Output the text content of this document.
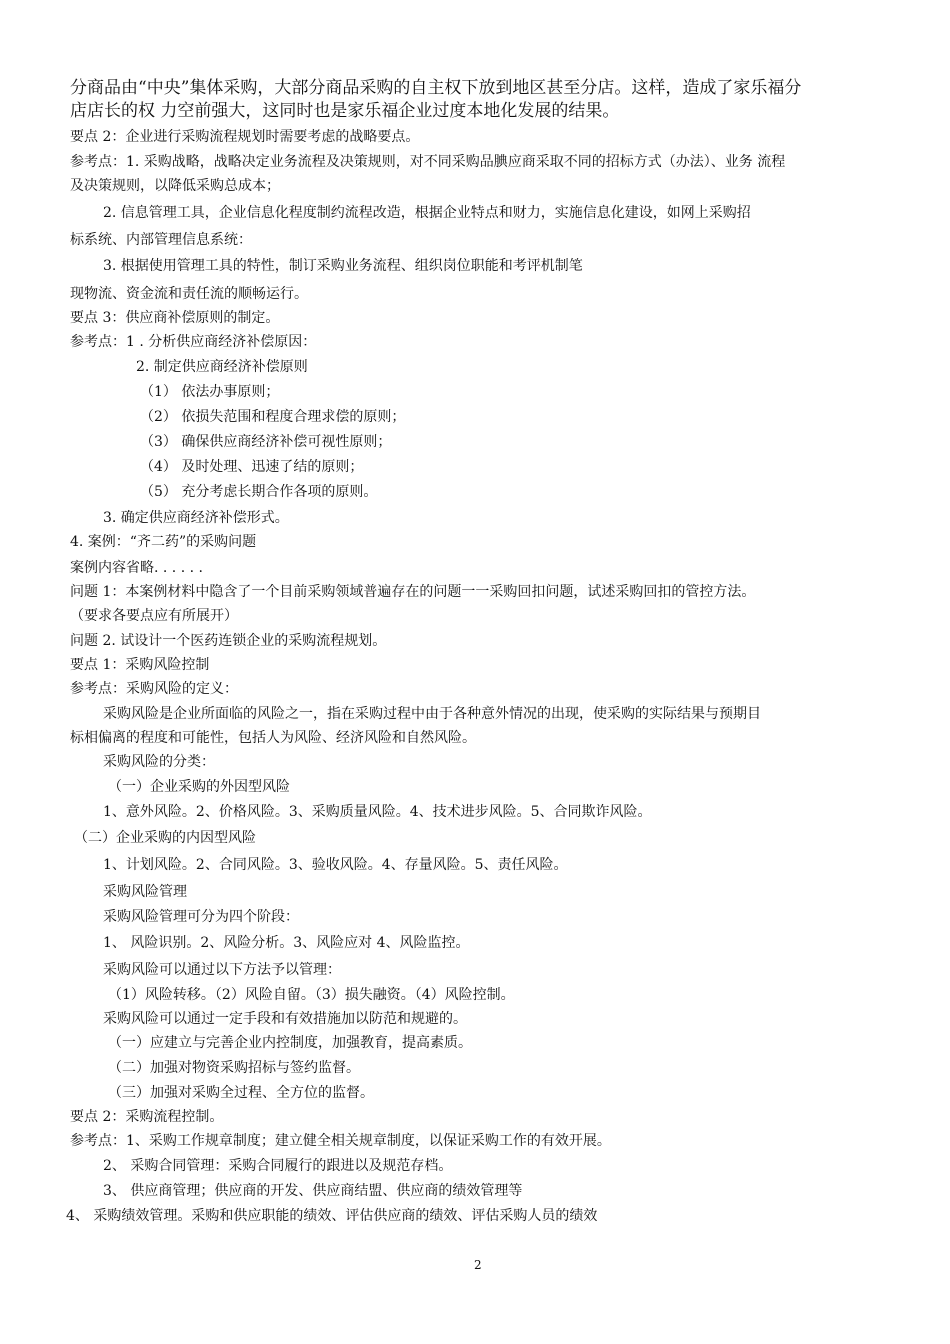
分商品由“中央”集体采购，大部分商品采购的自主权下放到地区甚至分店。这样，造成了家乐福分
店店长的权 力空前强大，这同时也是家乐福企业过度本地化发展的结果。
要点 2：企业进行采购流程规划时需要考虑的战略要点。
参考点：1. 采购战略，战略决定业务流程及决策规则，对不同采购品腆应商采取不同的招标方式（办法）、业务 流程
及决策规则，以降低采购总成本；
2. 信息管理工具，企业信息化程度制约流程改造，根据企业特点和财力，实施信息化建设，如网上采购招
标系统、内部管理信息系统：
3. 根据使用管理工具的特性，制订采购业务流程、组织岗位职能和考评机制笔
现物流、资金流和责任流的顺畅运行。
要点 3：供应商补偿原则的制定。
参考点：1 . 分析供应商经济补偿原因：
2. 制定供应商经济补偿原则
（1） 依法办事原则；
（2） 依损失范围和程度合理求偿的原则；
（3） 确保供应商经济补偿可视性原则；
（4） 及时处理、迅速了结的原则；
（5） 充分考虑长期合作各项的原则。
3. 确定供应商经济补偿形式。
4. 案例：“齐二药”的采购问题
案例内容省略. . . . . .
问题 1：本案例材料中隐含了一个目前采购领域普遍存在的问题一一采购回扣问题，试述采购回扣的管控方法。
（要求各要点应有所展开）
问题 2. 试设计一个医药连锁企业的采购流程规划。
要点 1：采购风险控制
参考点：采购风险的定义：
采购风险是企业所面临的风险之一，指在采购过程中由于各种意外情况的出现，使采购的实际结果与预期目
标相偏离的程度和可能性，包括人为风险、经济风险和自然风险。
采购风险的分类：
（一）企业采购的外因型风险
1、意外风险。2、价格风险。3、采购质量风险。4、技术进步风险。5、合同欺诈风险。
（二）企业采购的内因型风险
1、计划风险。2、合同风险。3、验收风险。4、存量风险。5、责任风险。
采购风险管理
采购风险管理可分为四个阶段：
1、 风险识别。2、风险分析。3、风险应对 4、风险监控。
采购风险可以通过以下方法予以管理：
（1）风险转移。（2）风险自留。（3）损失融资。（4）风险控制。
采购风险可以通过一定手段和有效措施加以防范和规避的。
（一）应建立与完善企业内控制度，加强教育，提高素质。
（二）加强对物资采购招标与签约监督。
（三）加强对采购全过程、全方位的监督。
要点 2：采购流程控制。
参考点：1、采购工作规章制度；建立健全相关规章制度，以保证采购工作的有效开展。
2、 采购合同管理：采购合同履行的跟进以及规范存档。
3、 供应商管理；供应商的开发、供应商结盟、供应商的绩效管理等
4、 采购绩效管理。采购和供应职能的绩效、评估供应商的绩效、评估采购人员的绩效
2
